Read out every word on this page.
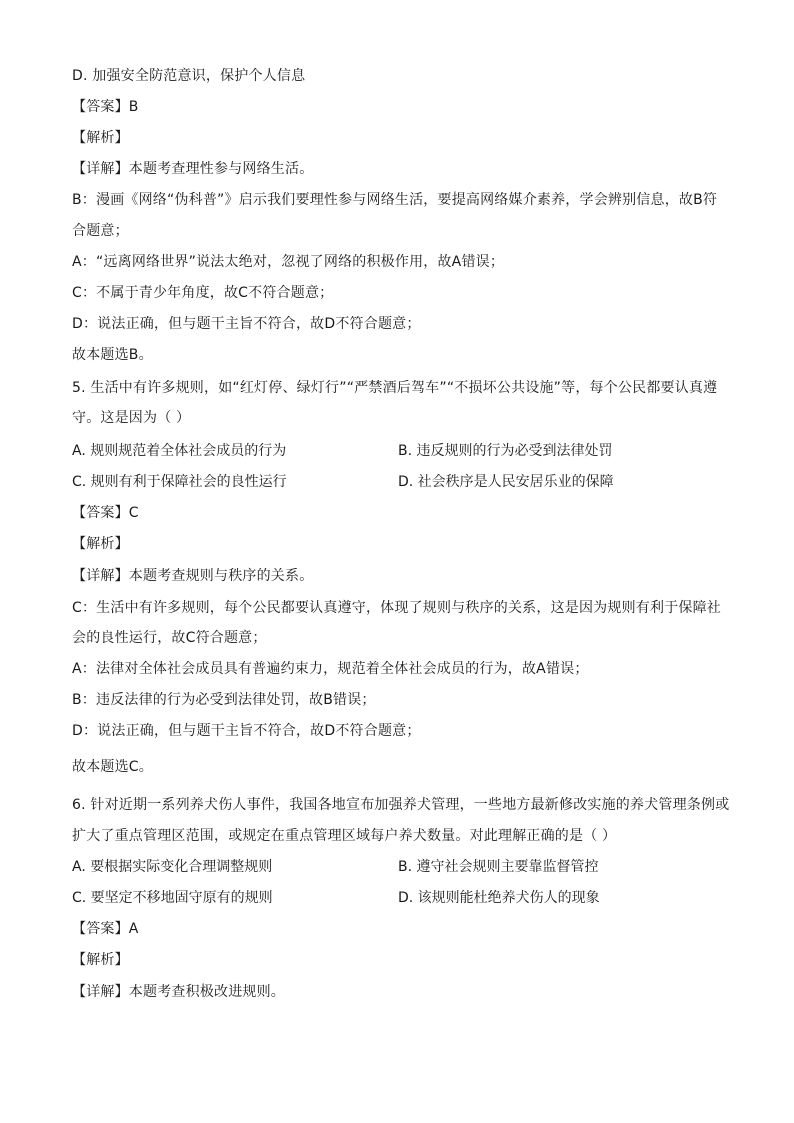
D. 加强安全防范意识，保护个人信息
【答案】B
【解析】
【详解】本题考查理性参与网络生活。
B：漫画《网络“伪科普”》启示我们要理性参与网络生活，要提高网络媒介素养，学会辨别信息，故B符
合题意；
A：“远离网络世界”说法太绝对，忽视了网络的积极作用，故A错误；
C：不属于青少年角度，故C不符合题意；
D：说法正确，但与题干主旨不符合，故D不符合题意；
故本题选B。
5. 生活中有许多规则，如“红灯停、绿灯行”“严禁酒后驾车”“不损坏公共设施”等，每个公民都要认真遵
守。这是因为（ ）
A. 规则规范着全体社会成员的行为	B. 违反规则的行为必受到法律处罚
C. 规则有利于保障社会的良性运行	D. 社会秩序是人民安居乐业的保障
【答案】C
【解析】
【详解】本题考查规则与秩序的关系。
C：生活中有许多规则，每个公民都要认真遵守，体现了规则与秩序的关系，这是因为规则有利于保障社
会的良性运行，故C符合题意；
A：法律对全体社会成员具有普遍约束力，规范着全体社会成员的行为，故A错误；
B：违反法律的行为必受到法律处罚，故B错误；
D：说法正确，但与题干主旨不符合，故D不符合题意；
故本题选C。
6. 针对近期一系列养犬伤人事件，我国各地宣布加强养犬管理，一些地方最新修改实施的养犬管理条例或
扩大了重点管理区范围，或规定在重点管理区域每户养犬数量。对此理解正确的是（ ）
A. 要根据实际变化合理调整规则	B. 遵守社会规则主要靠监督管控
C. 要坚定不移地固守原有的规则	D. 该规则能杜绝养犬伤人的现象
【答案】A
【解析】
【详解】本题考查积极改进规则。
